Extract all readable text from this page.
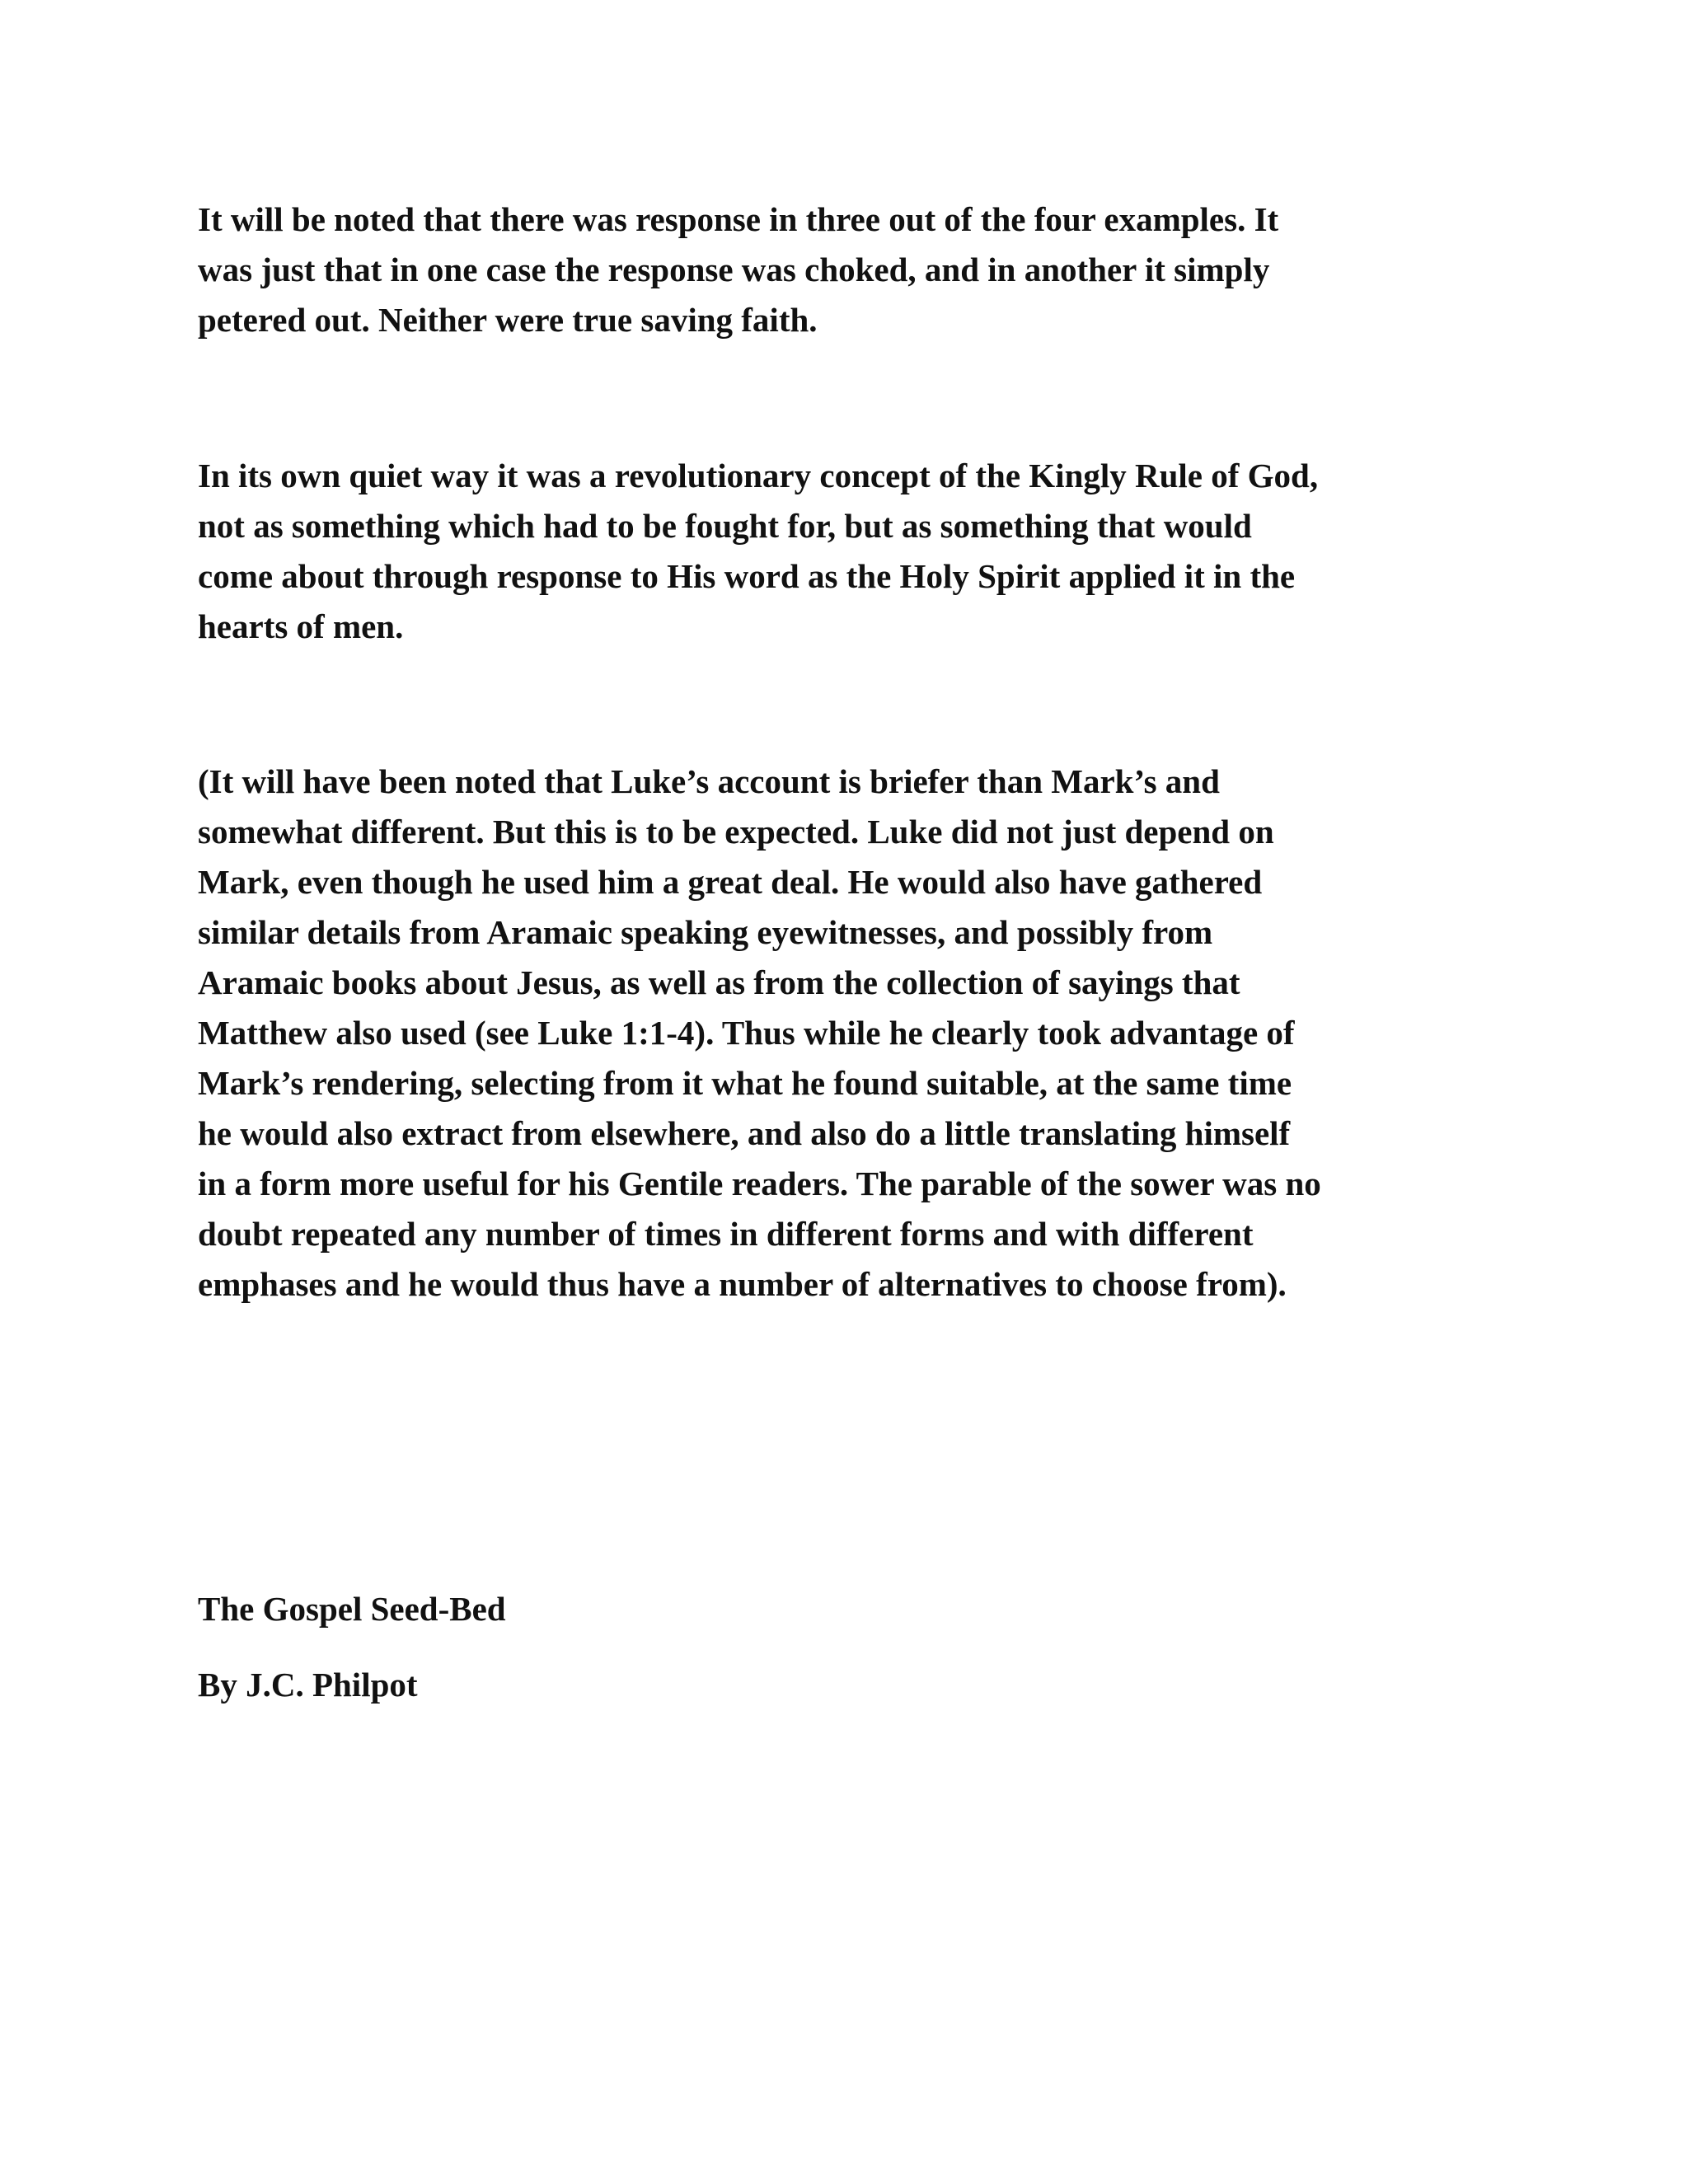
It will be noted that there was response in three out of the four examples. It
was just that in one case the response was choked, and in another it simply
petered out. Neither were true saving faith.

In its own quiet way it was a revolutionary concept of the Kingly Rule of God,
not as something which had to be fought for, but as something that would
come about through response to His word as the Holy Spirit applied it in the
hearts of men.

(It will have been noted that Luke’s account is briefer than Mark’s and
somewhat different. But this is to be expected. Luke did not just depend on
Mark, even though he used him a great deal. He would also have gathered
similar details from Aramaic speaking eyewitnesses, and possibly from
Aramaic books about Jesus, as well as from the collection of sayings that
Matthew also used (see Luke 1:1-4). Thus while he clearly took advantage of
Mark’s rendering, selecting from it what he found suitable, at the same time
he would also extract from elsewhere, and also do a little translating himself
in a form more useful for his Gentile readers. The parable of the sower was no
doubt repeated any number of times in different forms and with different
emphases and he would thus have a number of alternatives to choose from).

The Gospel Seed-Bed

By J.C. Philpot
